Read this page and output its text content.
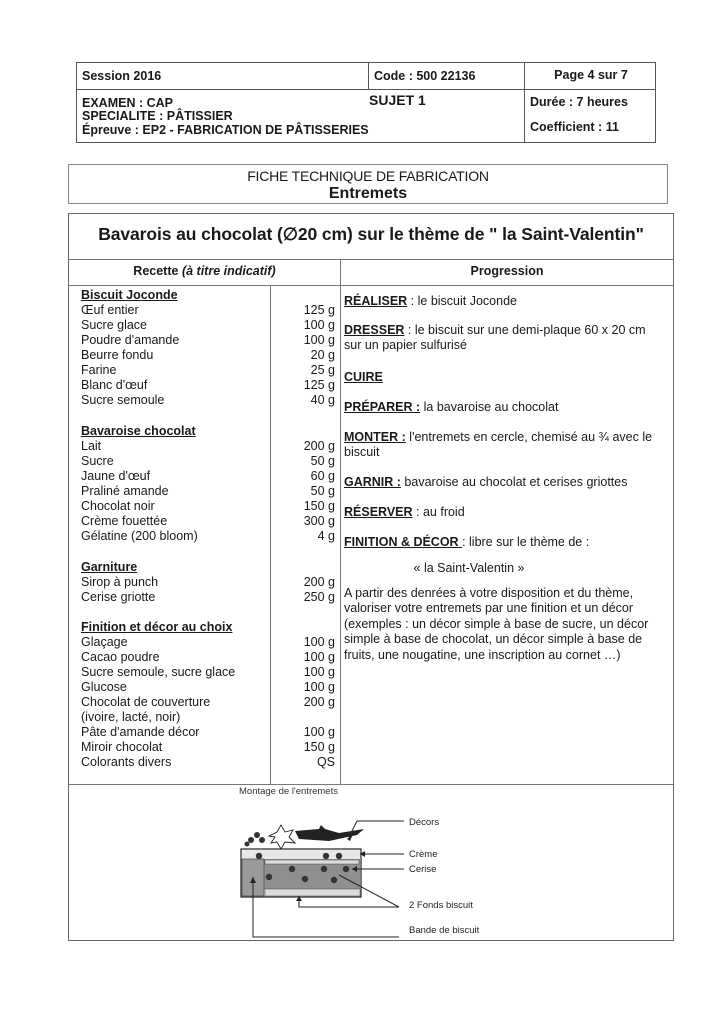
Session 2016	Code : 500 22136	Page 4 sur 7
EXAMEN : CAP
SPECIALITE : PÂTISSIER
Épreuve : EP2 - FABRICATION DE PÂTISSERIES
SUJET 1	Durée : 7 heures
Coefficient : 11
FICHE TECHNIQUE DE FABRICATION
Entremets
Bavarois au chocolat (∅20 cm) sur le thème de " la Saint-Valentin"
Recette (à titre indicatif)	Progression
Biscuit Joconde
Œuf entier	125 g
Sucre glace	100 g
Poudre d'amande	100 g
Beurre fondu	20 g
Farine	25 g
Blanc d'œuf	125 g
Sucre semoule	40 g
Bavaroise chocolat
Lait	200 g
Sucre	50 g
Jaune d'œuf	60 g
Praliné amande	50 g
Chocolat noir	150 g
Crème fouettée	300 g
Gélatine (200 bloom)	4 g
Garniture
Sirop à punch	200 g
Cerise griotte	250 g
Finition et décor au choix
Glaçage	100 g
Cacao poudre	100 g
Sucre semoule, sucre glace	100 g
Glucose	100 g
Chocolat de couverture	200 g
(ivoire, lacté, noir)
Pâte d'amande décor	100 g
Miroir chocolat	150 g
Colorants divers	QS
RÉALISER : le biscuit Joconde
DRESSER : le biscuit sur une demi-plaque 60 x 20 cm sur un papier sulfurisé
CUIRE
PRÉPARER : la bavaroise au chocolat
MONTER : l'entremets en cercle, chemisé au ¾ avec le biscuit
GARNIR : bavaroise au chocolat et cerises griottes
RÉSERVER : au froid
FINITION & DÉCOR : libre sur le thème de :
« la Saint-Valentin »
A partir des denrées à votre disposition et du thème, valoriser votre entremets par une finition et un décor (exemples : un décor simple à base de sucre, un décor simple à base de chocolat, un décor simple à base de fruits, une nougatine, une inscription au cornet …)
Montage de l'entremets
Décors
Crème
Cerise
2 Fonds biscuit
Bande de biscuit
